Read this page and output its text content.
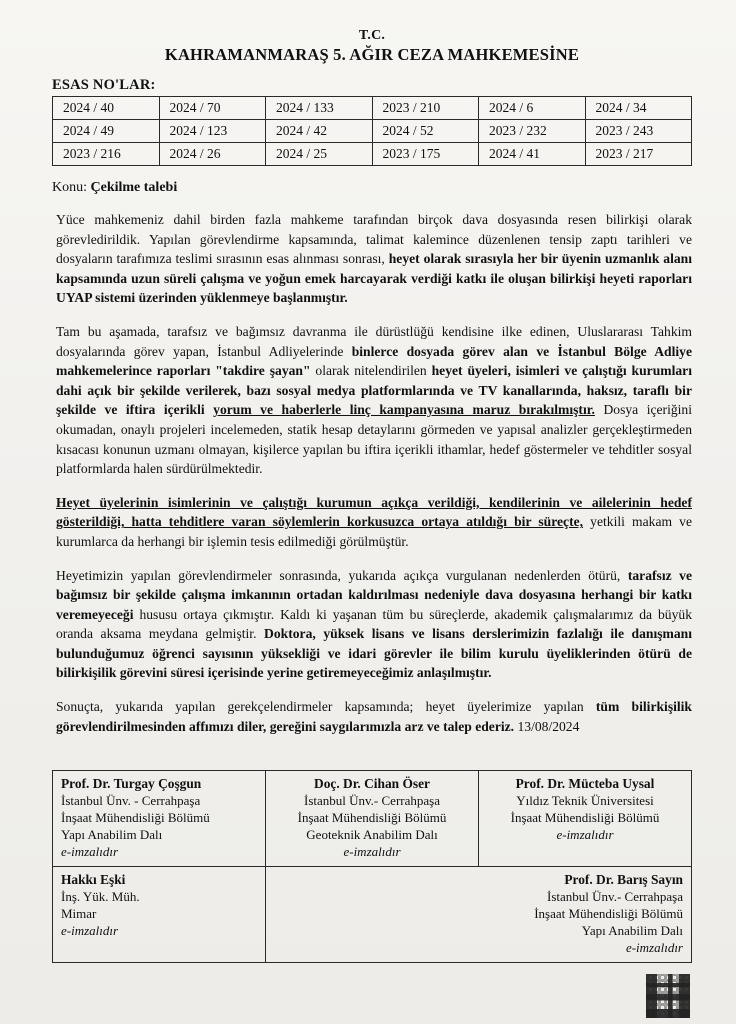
T.C.
KAHRAMANMARAŞ 5. AĞIR CEZA MAHKEMESİNE
ESAS NO'LAR:
2024 / 40	2024 / 70	2024 / 133	2023 / 210	2024 / 6	2024 / 34
2024 / 49	2024 / 123	2024 / 42	2024 / 52	2023 / 232	2023 / 243
2023 / 216	2024 / 26	2024 / 25	2023 / 175	2024 / 41	2023 / 217
Konu: Çekilme talebi

Yüce mahkemeniz dahil birden fazla mahkeme tarafından birçok dava dosyasında resen bilirkişi olarak görevledirildik. Yapılan görevlendirme kapsamında, talimat kalemince düzenlenen tensip zaptı tarihleri ve dosyaların tarafımıza teslimi sırasının esas alınması sonrası, heyet olarak sırasıyla her bir üyenin uzmanlık alanı kapsamında uzun süreli çalışma ve yoğun emek harcayarak verdiği katkı ile oluşan bilirkişi heyeti raporları UYAP sistemi üzerinden yüklenmeye başlanmıştır.

Tam bu aşamada, tarafsız ve bağımsız davranma ile dürüstlüğü kendisine ilke edinen, Uluslararası Tahkim dosyalarında görev yapan, İstanbul Adliyelerinde binlerce dosyada görev alan ve İstanbul Bölge Adliye mahkemelerince raporları "takdire şayan" olarak nitelendirilen heyet üyeleri, isimleri ve çalıştığı kurumları dahi açık bir şekilde verilerek, bazı sosyal medya platformlarında ve TV kanallarında, haksız, taraflı bir şekilde ve iftira içerikli yorum ve haberlerle linç kampanyasına maruz bırakılmıştır. Dosya içeriğini okumadan, onaylı projeleri incelemeden, statik hesap detaylarını görmeden ve yapısal analizler gerçekleştirmeden kısacası konunun uzmanı olmayan, kişilerce yapılan bu iftira içerikli ithamlar, hedef göstermeler ve tehditler sosyal platformlarda halen sürdürülmektedir.

Heyet üyelerinin isimlerinin ve çalıştığı kurumun açıkça verildiği, kendilerinin ve ailelerinin hedef gösterildiği, hatta tehditlere varan söylemlerin korkusuzca ortaya atıldığı bir süreçte, yetkili makam ve kurumlarca da herhangi bir işlemin tesis edilmediği görülmüştür.

Heyetimizin yapılan görevlendirmeler sonrasında, yukarıda açıkça vurgulanan nedenlerden ötürü, tarafsız ve bağımsız bir şekilde çalışma imkanının ortadan kaldırılması nedeniyle dava dosyasına herhangi bir katkı veremeyeceği hususu ortaya çıkmıştır. Kaldı ki yaşanan tüm bu süreçlerde, akademik çalışmalarımız da büyük oranda aksama meydana gelmiştir. Doktora, yüksek lisans ve lisans derslerimizin fazlalığı ile danışmanı bulunduğumuz öğrenci sayısının yüksekliği ve idari görevler ile bilim kurulu üyeliklerinden ötürü de bilirkişilik görevini süresi içerisinde yerine getiremeyeceğimiz anlaşılmıştır.

Sonuçta, yukarıda yapılan gerekçelendirmeler kapsamında; heyet üyelerimize yapılan tüm bilirkişilik görevlendirilmesinden affımızı diler, gereğini saygılarımızla arz ve talep ederiz. 13/08/2024

Prof. Dr. Turgay Çoşgun
İstanbul Ünv. - Cerrahpaşa
İnşaat Mühendisliği Bölümü
Yapı Anabilim Dalı
e-imzalıdır

Doç. Dr. Cihan Öser
İstanbul Ünv.- Cerrahpaşa
İnşaat Mühendisliği Bölümü
Geoteknik Anabilim Dalı
e-imzalıdır

Prof. Dr. Mücteba Uysal
Yıldız Teknik Üniversitesi
İnşaat Mühendisliği Bölümü
e-imzalıdır

Hakkı Eşki
İnş. Yük. Müh.
Mimar
e-imzalıdır

Prof. Dr. Barış Sayın
İstanbul Ünv.- Cerrahpaşa
İnşaat Mühendisliği Bölümü
Yapı Anabilim Dalı
e-imzalıdır
